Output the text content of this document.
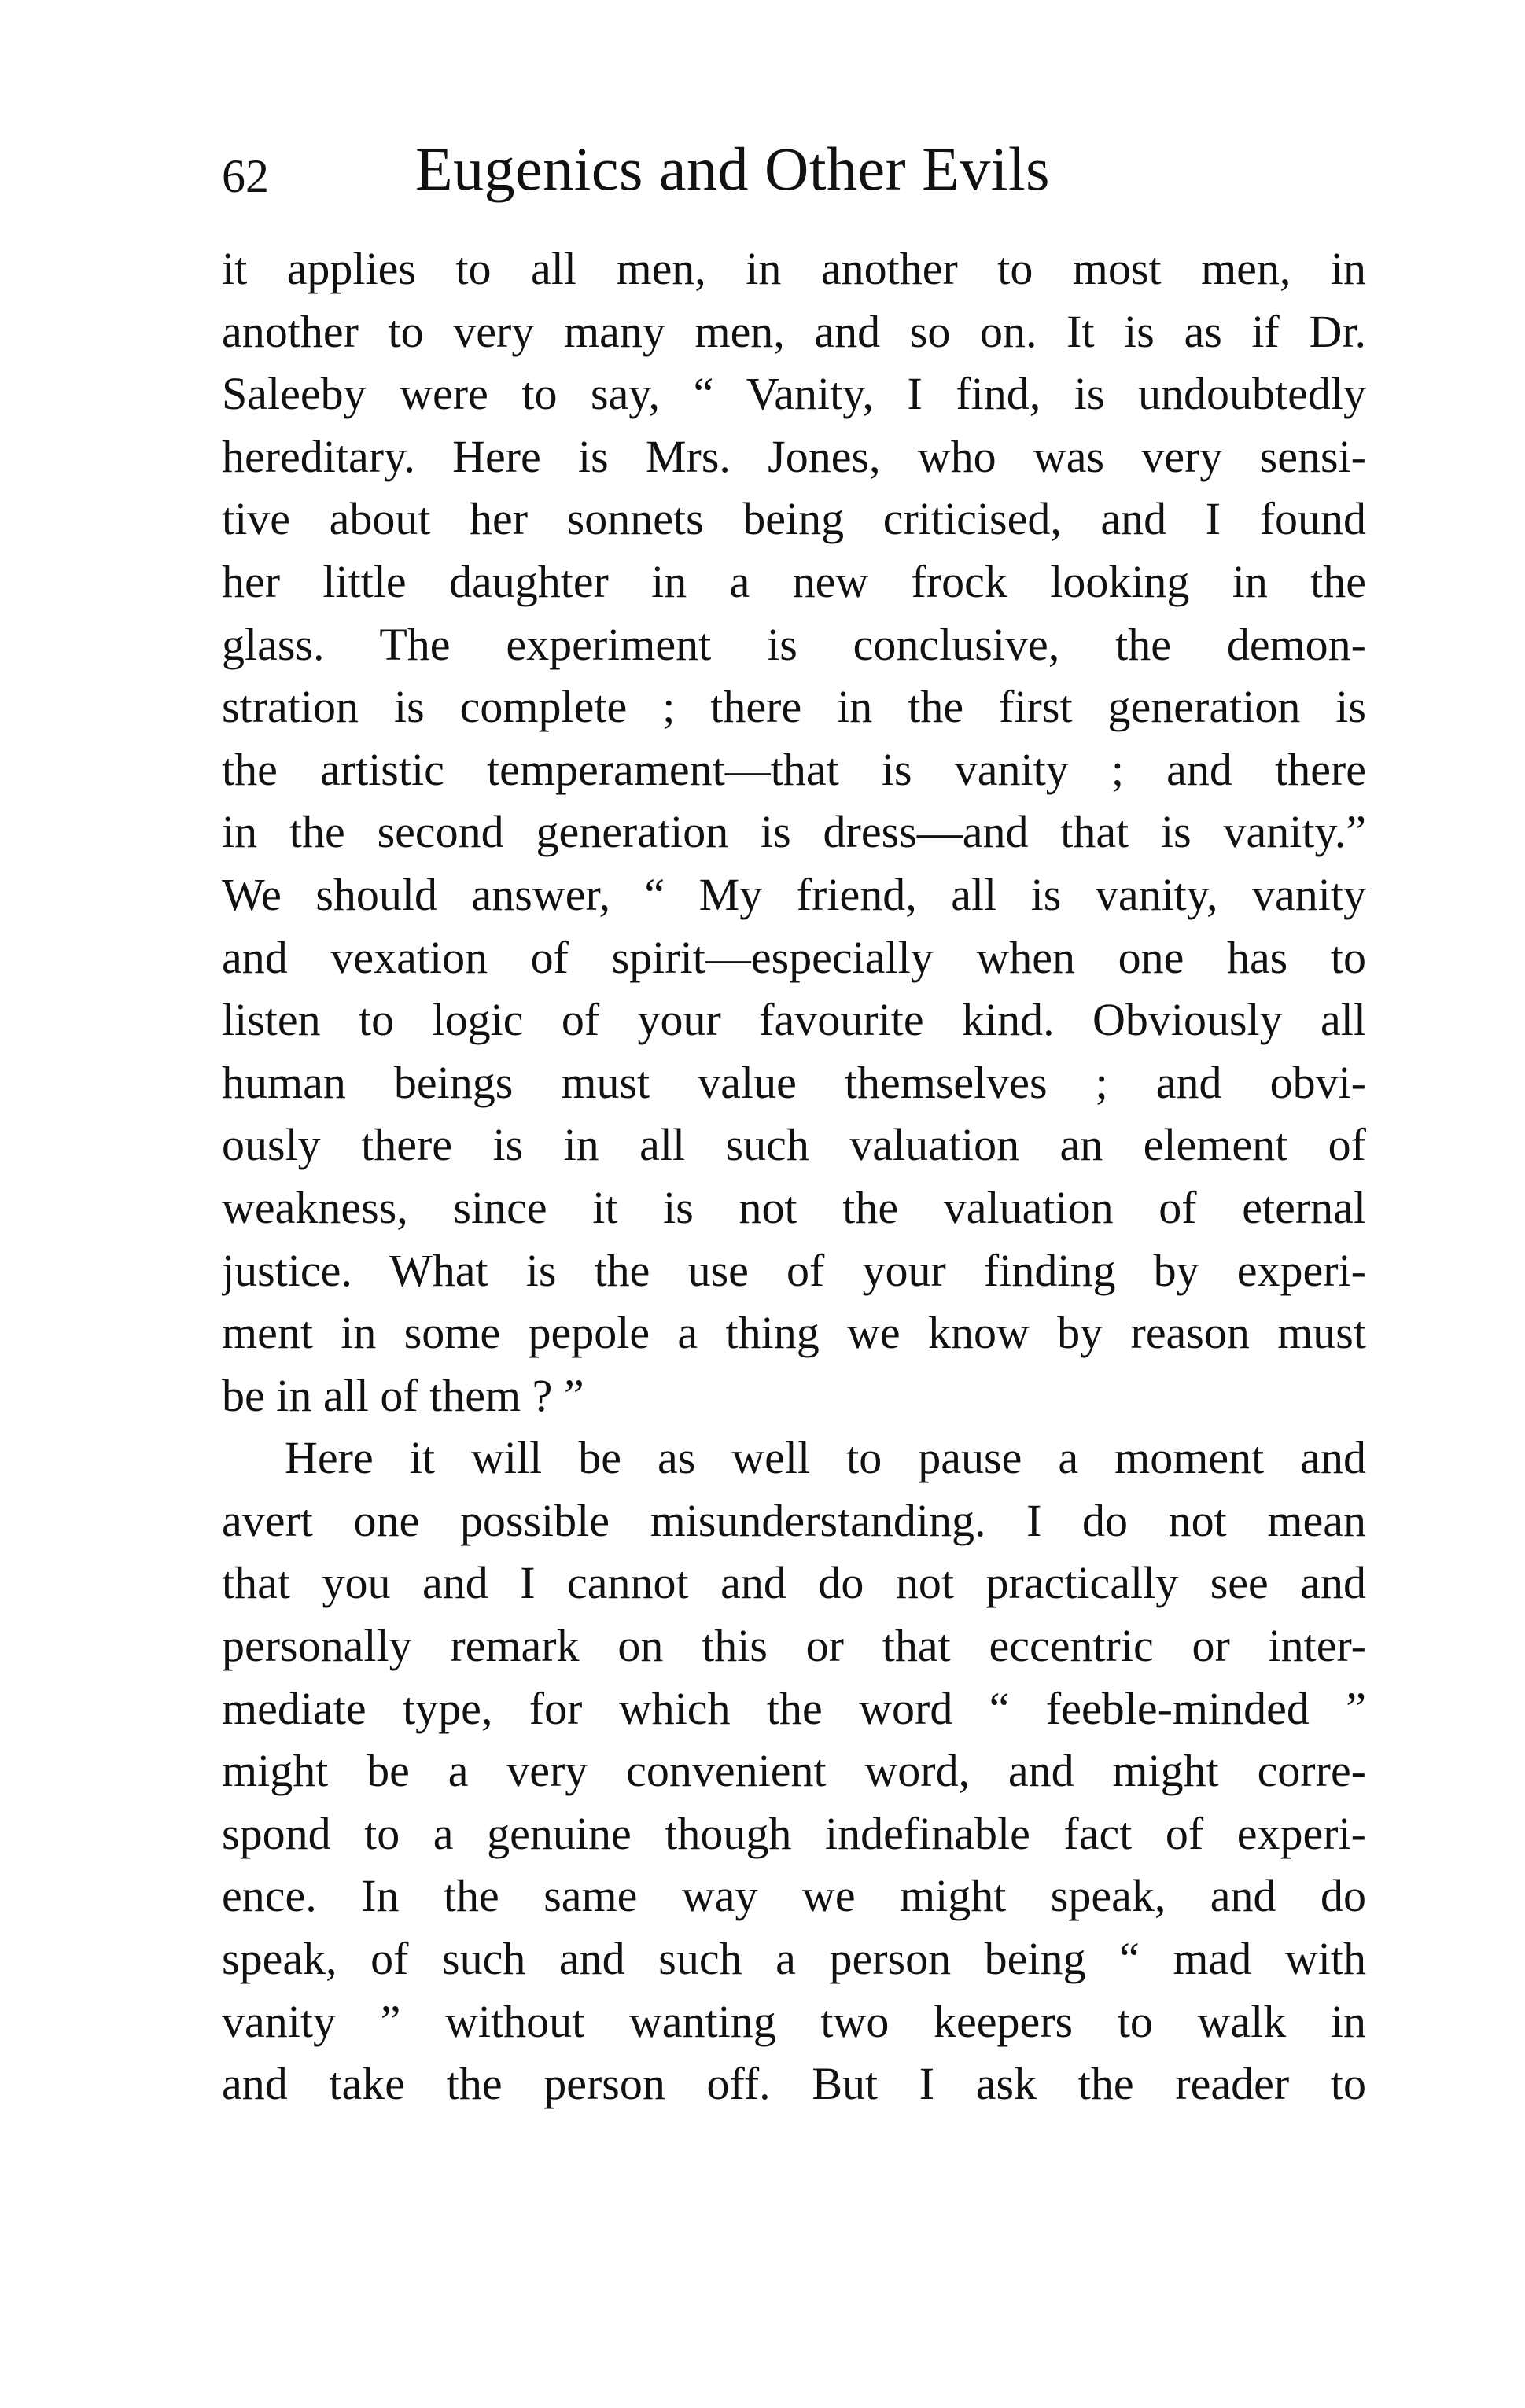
62 Eugenics and Other Evils
it applies to all men, in another to most men, in
another to very many men, and so on. It is as if Dr.
Saleeby were to say, “ Vanity, I find, is undoubtedly
hereditary. Here is Mrs. Jones, who was very sensi-
tive about her sonnets being criticised, and I found
her little daughter in a new frock looking in the
glass. The experiment is conclusive, the demon-
stration is complete ; there in the first generation is
the artistic temperament—that is vanity ; and there
in the second generation is dress—and that is vanity.”
We should answer, “ My friend, all is vanity, vanity
and vexation of spirit—especially when one has to
listen to logic of your favourite kind. Obviously all
human beings must value themselves ; and obvi-
ously there is in all such valuation an element of
weakness, since it is not the valuation of eternal
justice. What is the use of your finding by experi-
ment in some pepole a thing we know by reason must
be in all of them ? ”
Here it will be as well to pause a moment and
avert one possible misunderstanding. I do not mean
that you and I cannot and do not practically see and
personally remark on this or that eccentric or inter-
mediate type, for which the word “ feeble-minded ”
might be a very convenient word, and might corre-
spond to a genuine though indefinable fact of experi-
ence. In the same way we might speak, and do
speak, of such and such a person being “ mad with
vanity ” without wanting two keepers to walk in
and take the person off. But I ask the reader to
